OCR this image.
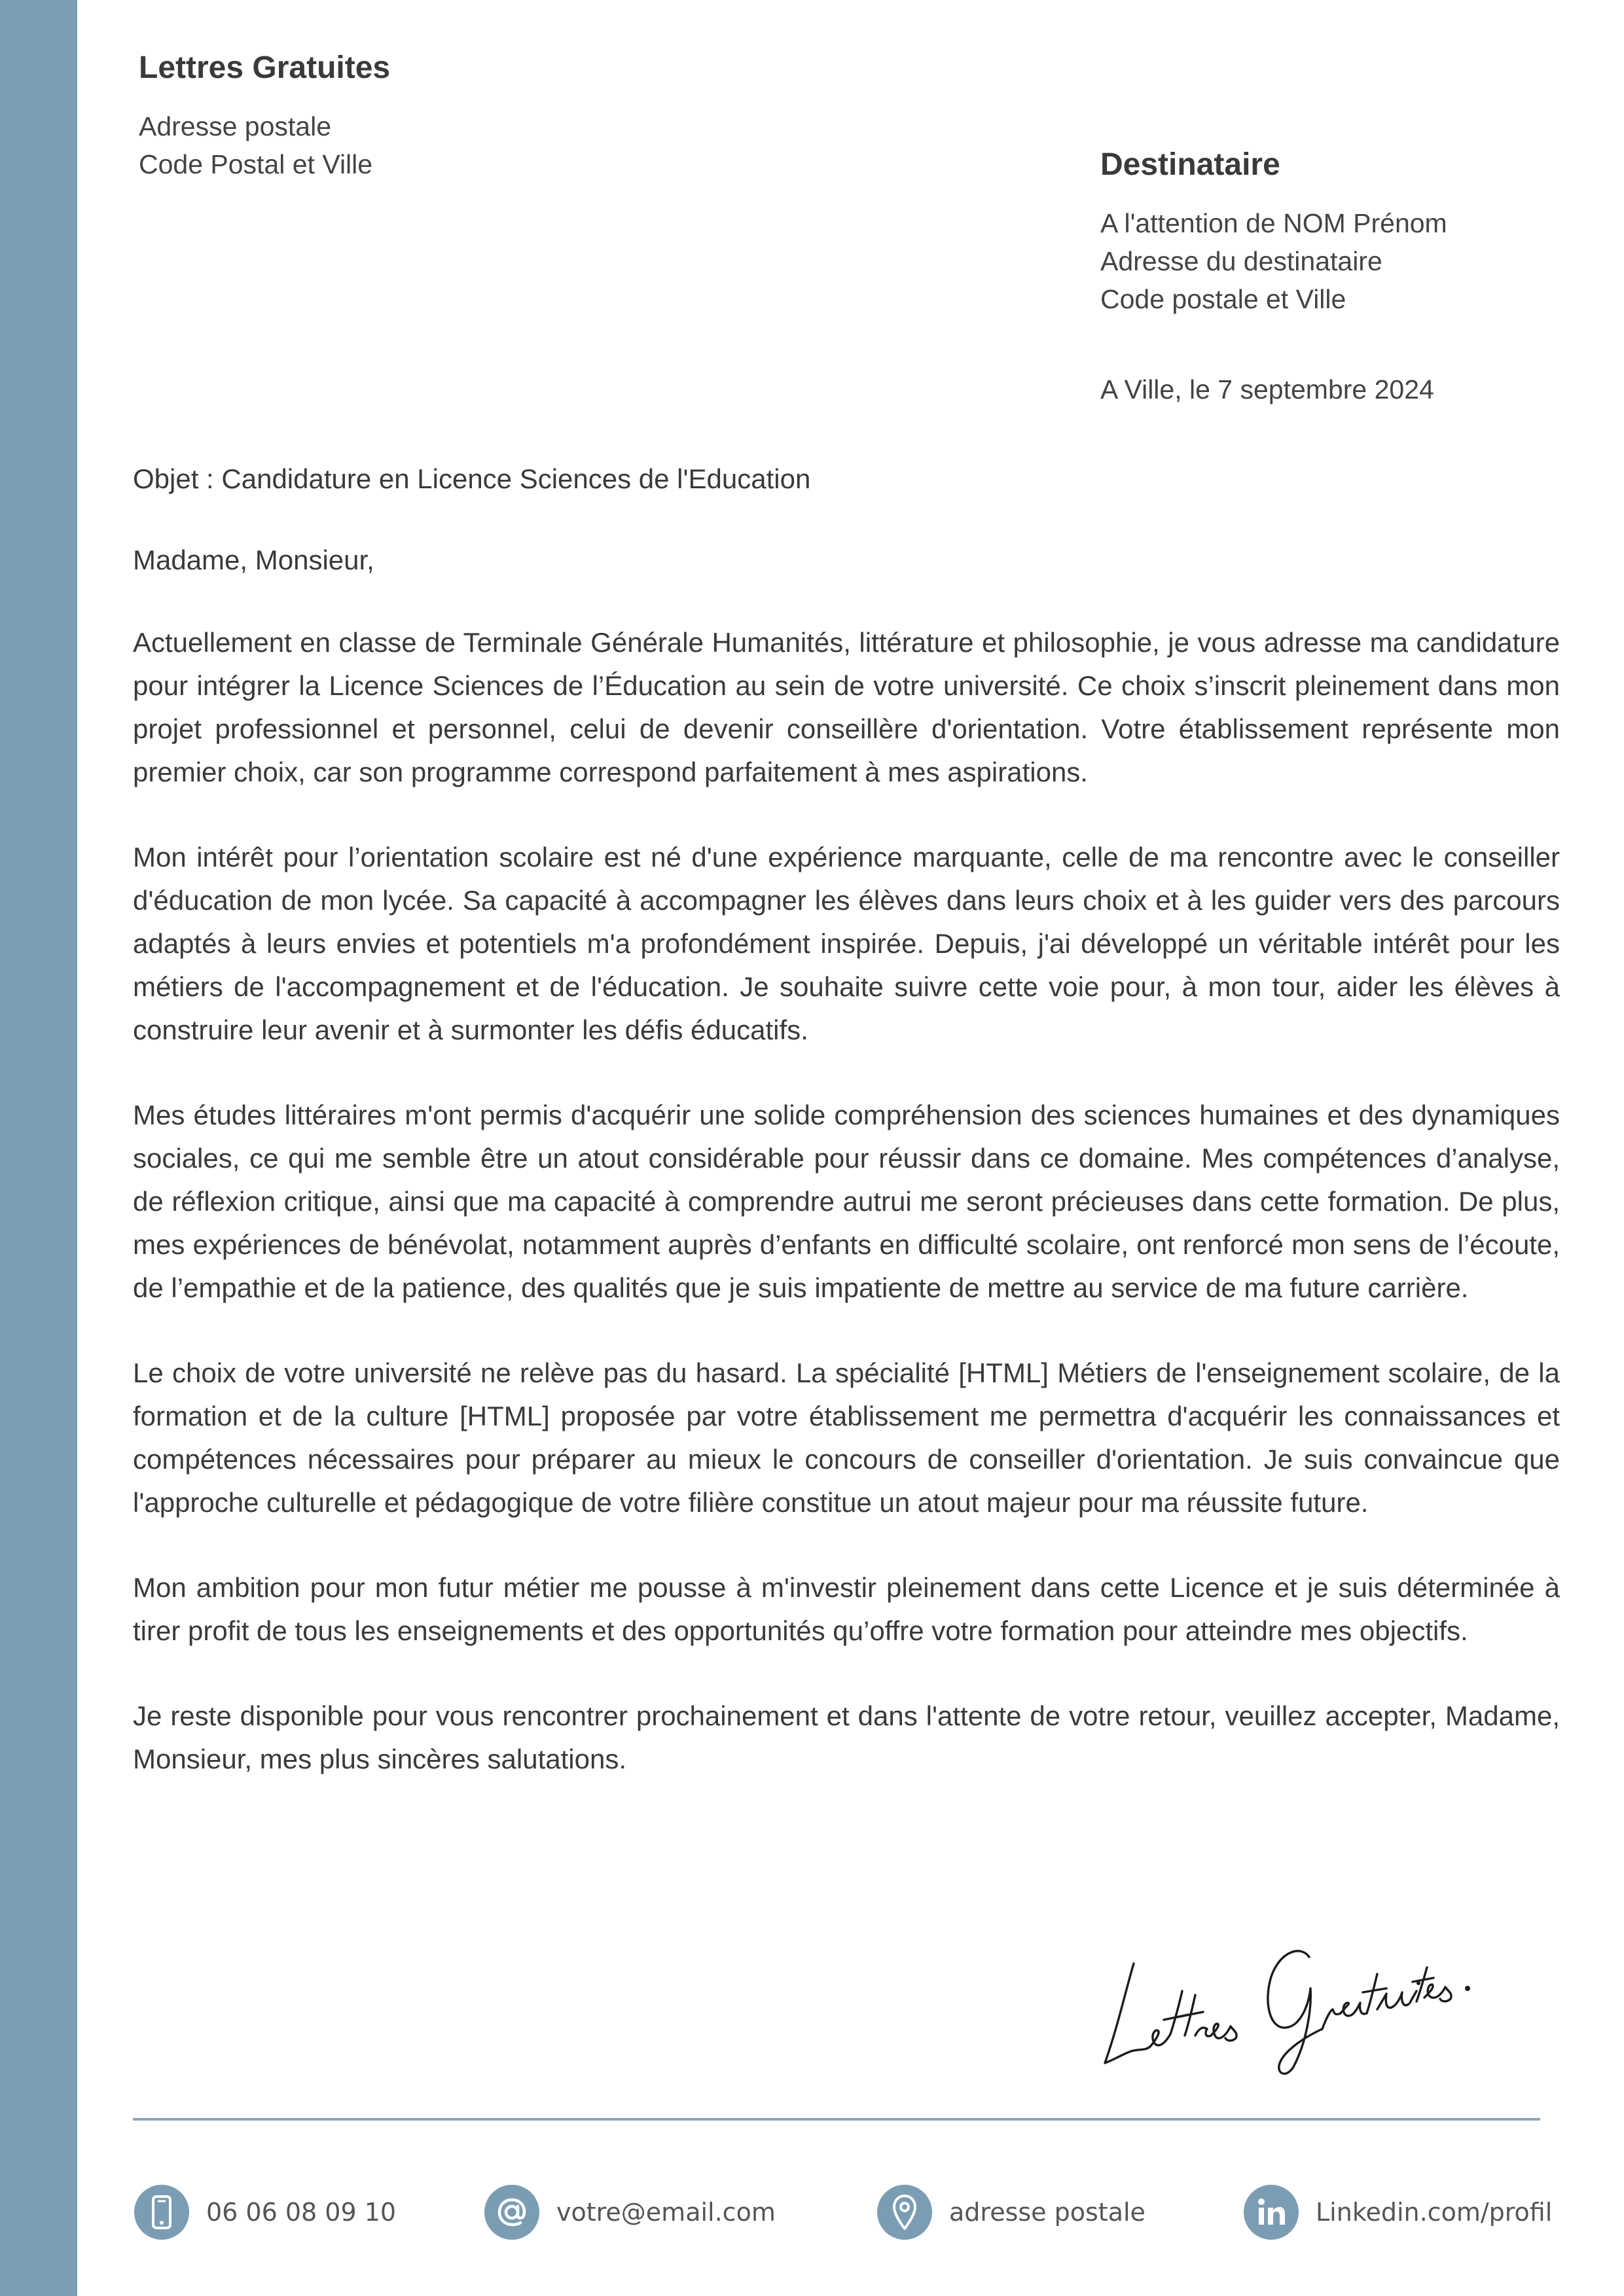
Lettres Gratuites
Adresse postale
Code Postal et Ville	Destinataire
A l'attention de NOM Prénom
Adresse du destinataire
Code postale et Ville
A Ville, le 7 septembre 2024
Objet : Candidature en Licence Sciences de l'Education
Madame, Monsieur,

Actuellement en classe de Terminale Générale Humanités, littérature et philosophie, je vous adresse ma candidature pour intégrer la Licence Sciences de l’Éducation au sein de votre université. Ce choix s’inscrit pleinement dans mon projet professionnel et personnel, celui de devenir conseillère d'orientation. Votre établissement représente mon premier choix, car son programme correspond parfaitement à mes aspirations.

Mon intérêt pour l’orientation scolaire est né d'une expérience marquante, celle de ma rencontre avec le conseiller d'éducation de mon lycée. Sa capacité à accompagner les élèves dans leurs choix et à les guider vers des parcours adaptés à leurs envies et potentiels m'a profondément inspirée. Depuis, j'ai développé un véritable intérêt pour les métiers de l'accompagnement et de l'éducation. Je souhaite suivre cette voie pour, à mon tour, aider les élèves à construire leur avenir et à surmonter les défis éducatifs.

Mes études littéraires m'ont permis d'acquérir une solide compréhension des sciences humaines et des dynamiques sociales, ce qui me semble être un atout considérable pour réussir dans ce domaine. Mes compétences d’analyse, de réflexion critique, ainsi que ma capacité à comprendre autrui me seront précieuses dans cette formation. De plus, mes expériences de bénévolat, notamment auprès d’enfants en difficulté scolaire, ont renforcé mon sens de l’écoute, de l’empathie et de la patience, des qualités que je suis impatiente de mettre au service de ma future carrière.

Le choix de votre université ne relève pas du hasard. La spécialité [HTML] Métiers de l'enseignement scolaire, de la formation et de la culture [HTML] proposée par votre établissement me permettra d'acquérir les connaissances et compétences nécessaires pour préparer au mieux le concours de conseiller d'orientation. Je suis convaincue que l'approche culturelle et pédagogique de votre filière constitue un atout majeur pour ma réussite future.

Mon ambition pour mon futur métier me pousse à m'investir pleinement dans cette Licence et je suis déterminée à tirer profit de tous les enseignements et des opportunités qu’offre votre formation pour atteindre mes objectifs.

Je reste disponible pour vous rencontrer prochainement et dans l'attente de votre retour, veuillez accepter, Madame, Monsieur, mes plus sincères salutations.

06 06 08 09 10	votre@email.com	adresse postale	Linkedin.com/profil
